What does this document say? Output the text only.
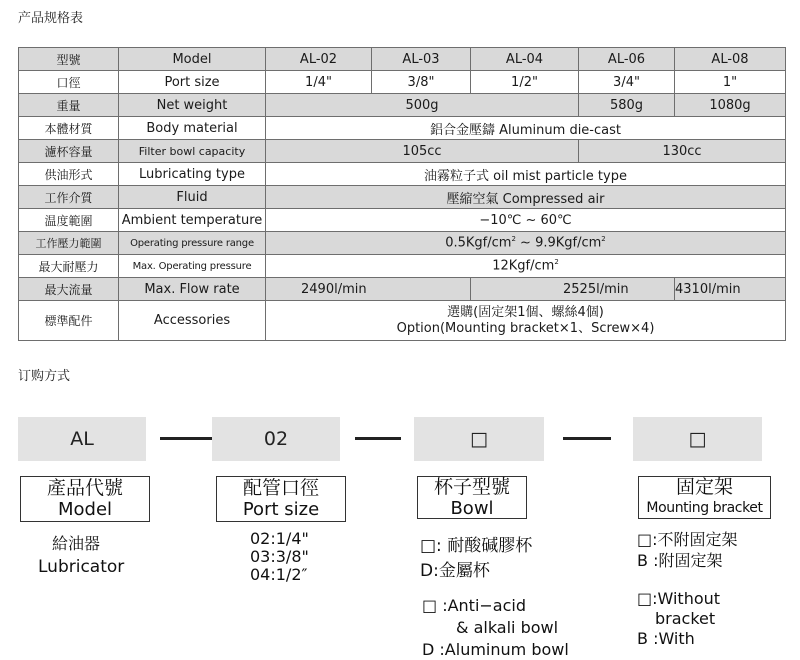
产品规格表
型號	Model	AL-02	AL-03	AL-04	AL-06	AL-08
口徑	Port size	1/4"	3/8"	1/2"	3/4"	1"
重量	Net weight	500g			580g	1080g
本體材質	Body material	鋁合金壓鑄 Aluminum die-cast				
濾杯容量	Filter bowl capacity	105cc			130cc	
供油形式	Lubricating type	油霧粒子式 oil mist particle type				
工作介質	Fluid	壓縮空氣 Compressed air				
温度範圍	Ambient temperature	−10℃ ~ 60℃				
工作壓力範圍	Operating pressure range	$0.5Kgf/cm^2$ ~ $9.9Kgf/cm^2$
最大耐壓力	Max. Operating pressure	$12Kgf/cm^2$
最大流量	Max. Flow rate	2490l/min		2525l/min		4310l/min
標準配件	Accessories	選購(固定架1個、螺絲4個)
Option(Mounting bracket×1、Screw×4)				
订购方式
AL	02	□	□
產品代號
Model
配管口徑
Port size
杯子型號
Bowl
固定架
Mounting bracket
給油器
Lubricator
02:1/4"
03:3/8"
04:1/2″
□: 耐酸碱膠杯
D:金屬杯
□ :Anti−acid
& alkali bowl
D :Aluminum bowl
□:不附固定架
B :附固定架
□:Without
bracket
B :With
